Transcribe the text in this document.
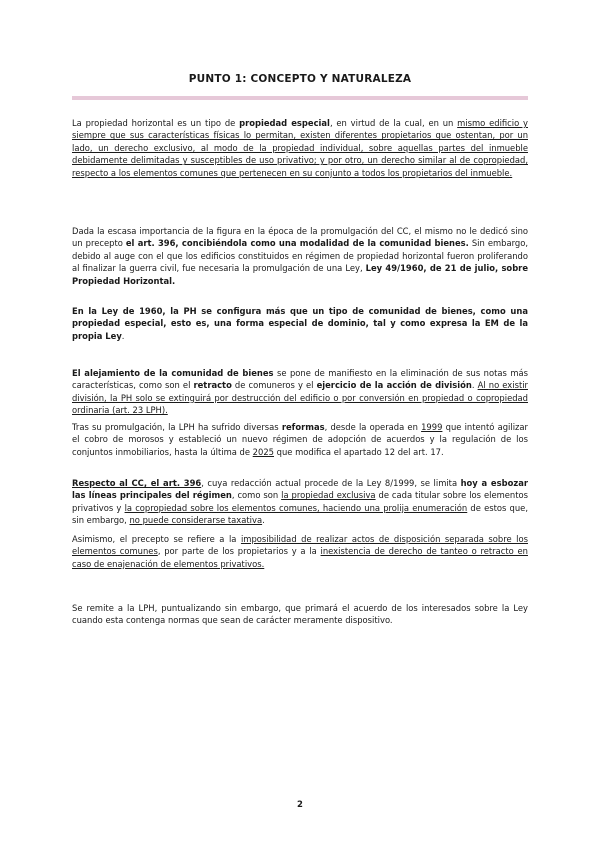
PUNTO 1: CONCEPTO Y NATURALEZA

La propiedad horizontal es un tipo de propiedad especial, en virtud de la cual, en un mismo edificio y siempre que sus características físicas lo permitan, existen diferentes propietarios que ostentan, por un lado, un derecho exclusivo, al modo de la propiedad individual, sobre aquellas partes del inmueble debidamente delimitadas y susceptibles de uso privativo; y por otro, un derecho similar al de copropiedad, respecto a los elementos comunes que pertenecen en su conjunto a todos los propietarios del inmueble.

Dada la escasa importancia de la figura en la época de la promulgación del CC, el mismo no le dedicó sino un precepto el art. 396, concibiéndola como una modalidad de la comunidad bienes. Sin embargo, debido al auge con el que los edificios constituidos en régimen de propiedad horizontal fueron proliferando al finalizar la guerra civil, fue necesaria la promulgación de una Ley, Ley 49/1960, de 21 de julio, sobre Propiedad Horizontal.

En la Ley de 1960, la PH se configura más que un tipo de comunidad de bienes, como una propiedad especial, esto es, una forma especial de dominio, tal y como expresa la EM de la propia Ley.

El alejamiento de la comunidad de bienes se pone de manifiesto en la eliminación de sus notas más características, como son el retracto de comuneros y el ejercicio de la acción de división. Al no existir división, la PH solo se extinguirá por destrucción del edificio o por conversión en propiedad o copropiedad ordinaria (art. 23 LPH).

Tras su promulgación, la LPH ha sufrido diversas reformas, desde la operada en 1999 que intentó agilizar el cobro de morosos y estableció un nuevo régimen de adopción de acuerdos y la regulación de los conjuntos inmobiliarios, hasta la última de 2025 que modifica el apartado 12 del art. 17.

Respecto al CC, el art. 396, cuya redacción actual procede de la Ley 8/1999, se limita hoy a esbozar las líneas principales del régimen, como son la propiedad exclusiva de cada titular sobre los elementos privativos y la copropiedad sobre los elementos comunes, haciendo una prolija enumeración de estos que, sin embargo, no puede considerarse taxativa.

Asimismo, el precepto se refiere a la imposibilidad de realizar actos de disposición separada sobre los elementos comunes, por parte de los propietarios y a la inexistencia de derecho de tanteo o retracto en caso de enajenación de elementos privativos.

Se remite a la LPH, puntualizando sin embargo, que primará el acuerdo de los interesados sobre la Ley cuando esta contenga normas que sean de carácter meramente dispositivo.

2
